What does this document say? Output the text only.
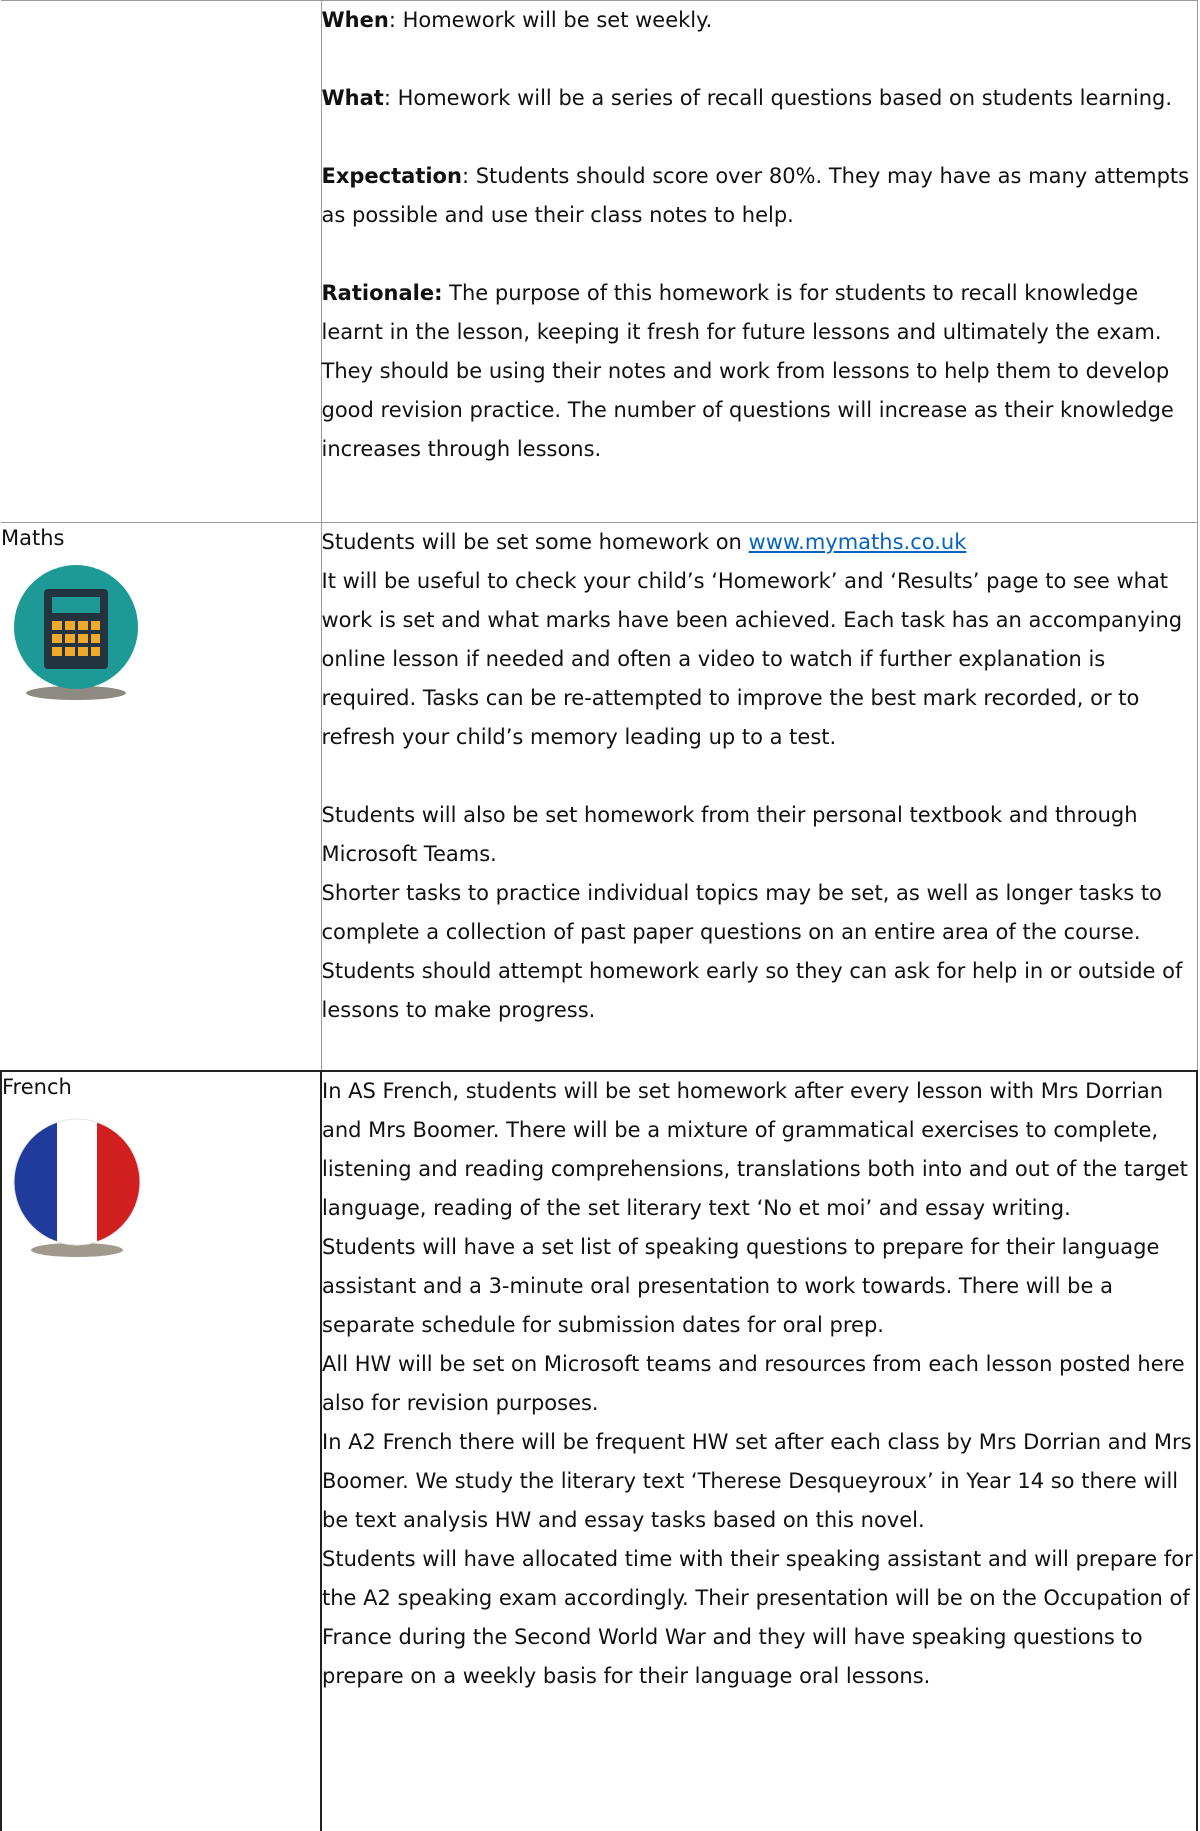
	When: Homework will be set weekly.

What: Homework will be a series of recall questions based on students learning.

Expectation: Students should score over 80%. They may have as many attempts as possible and use their class notes to help.

Rationale: The purpose of this homework is for students to recall knowledge learnt in the lesson, keeping it fresh for future lessons and ultimately the exam. They should be using their notes and work from lessons to help them to develop good revision practice. The number of questions will increase as their knowledge increases through lessons.

Maths	Students will be set some homework on www.mymaths.co.uk

It will be useful to check your child’s ‘Homework’ and ‘Results’ page to see what work is set and what marks have been achieved. Each task has an accompanying online lesson if needed and often a video to watch if further explanation is required. Tasks can be re-attempted to improve the best mark recorded, or to refresh your child’s memory leading up to a test.

Students will also be set homework from their personal textbook and through Microsoft Teams.

Shorter tasks to practice individual topics may be set, as well as longer tasks to complete a collection of past paper questions on an entire area of the course.

Students should attempt homework early so they can ask for help in or outside of lessons to make progress.

French	In AS French, students will be set homework after every lesson with Mrs Dorrian and Mrs Boomer. There will be a mixture of grammatical exercises to complete, listening and reading comprehensions, translations both into and out of the target language, reading of the set literary text ‘No et moi’ and essay writing.

Students will have a set list of speaking questions to prepare for their language assistant and a 3-minute oral presentation to work towards. There will be a separate schedule for submission dates for oral prep.

All HW will be set on Microsoft teams and resources from each lesson posted here also for revision purposes.

In A2 French there will be frequent HW set after each class by Mrs Dorrian and Mrs Boomer. We study the literary text ‘Therese Desqueyroux’ in Year 14 so there will be text analysis HW and essay tasks based on this novel.

Students will have allocated time with their speaking assistant and will prepare for the A2 speaking exam accordingly. Their presentation will be on the Occupation of France during the Second World War and they will have speaking questions to prepare on a weekly basis for their language oral lessons.
